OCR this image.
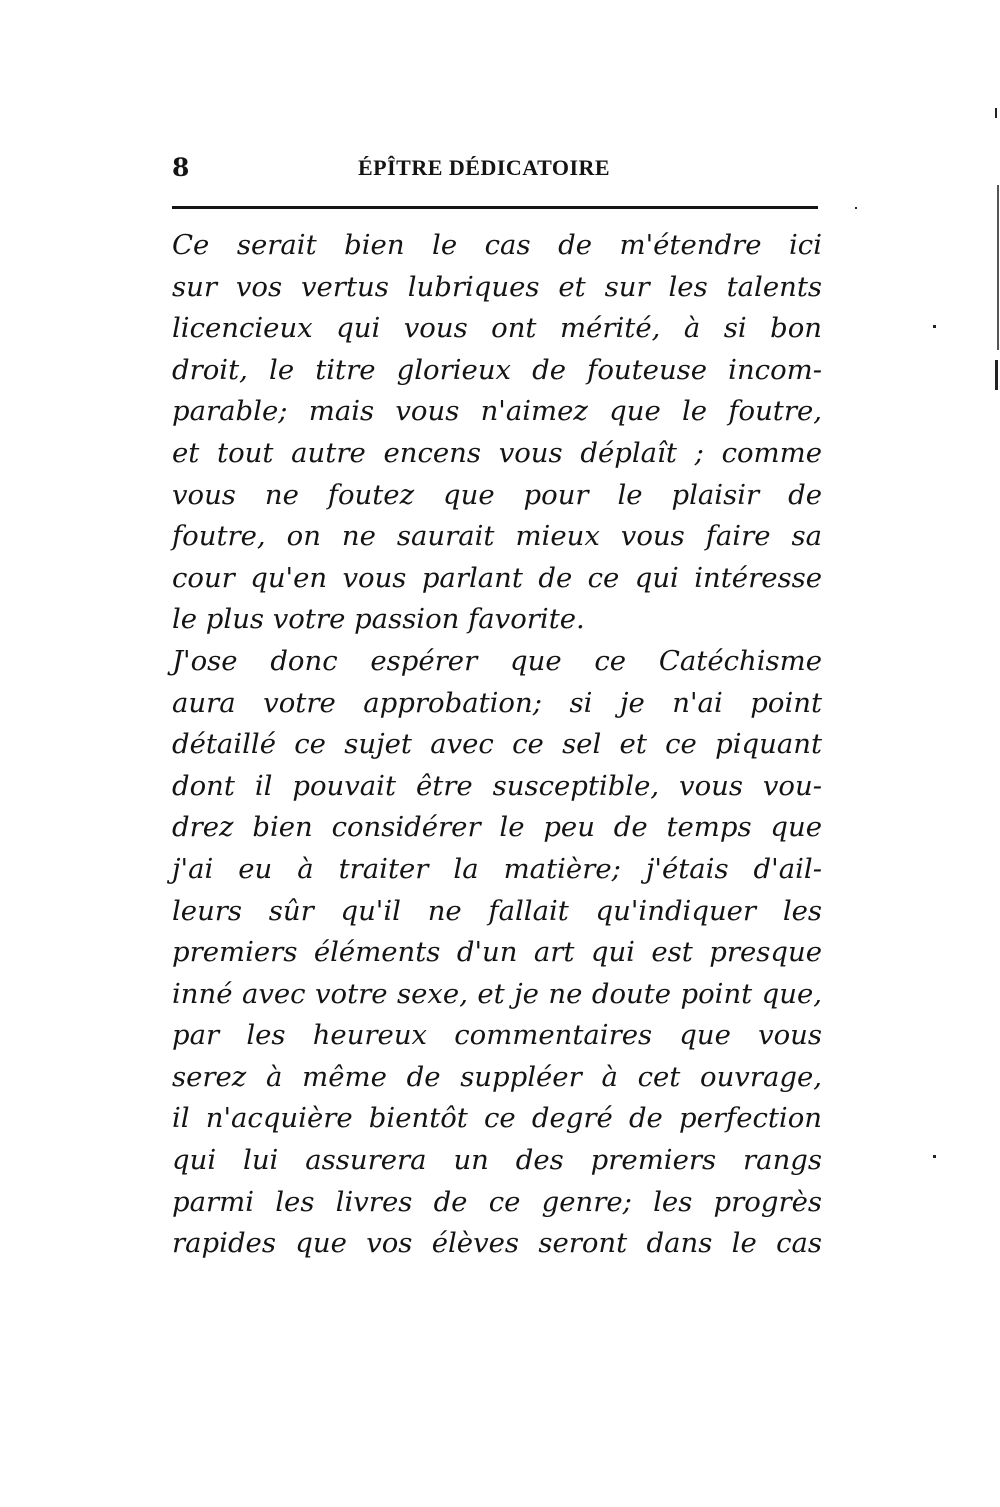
8	ÉPÎTRE DÉDICATOIRE
Ce serait bien le cas de m'étendre ici
sur vos vertus lubriques et sur les talents
licencieux qui vous ont mérité, à si bon
droit, le titre glorieux de fouteuse incom-
parable; mais vous n'aimez que le foutre,
et tout autre encens vous déplaît ; comme
vous ne foutez que pour le plaisir de
foutre, on ne saurait mieux vous faire sa
cour qu'en vous parlant de ce qui intéresse
le plus votre passion favorite.
J'ose donc espérer que ce Catéchisme
aura votre approbation; si je n'ai point
détaillé ce sujet avec ce sel et ce piquant
dont il pouvait être susceptible, vous vou-
drez bien considérer le peu de temps que
j'ai eu à traiter la matière; j'étais d'ail-
leurs sûr qu'il ne fallait qu'indiquer les
premiers éléments d'un art qui est presque
inné avec votre sexe, et je ne doute point que,
par les heureux commentaires que vous
serez à même de suppléer à cet ouvrage,
il n'acquière bientôt ce degré de perfection
qui lui assurera un des premiers rangs
parmi les livres de ce genre; les progrès
rapides que vos élèves seront dans le cas
